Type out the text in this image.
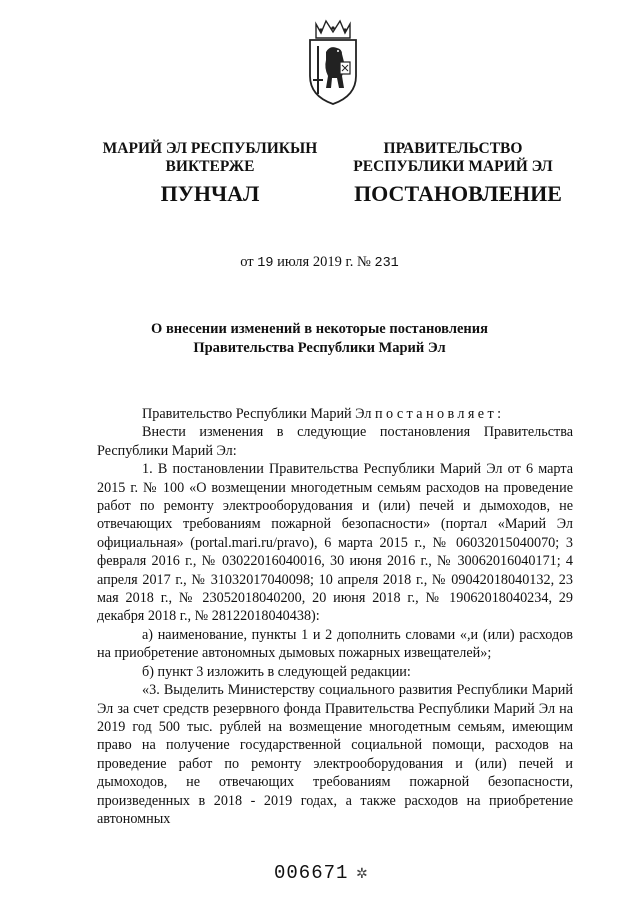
МАРИЙ ЭЛ РЕСПУБЛИКЫН
ВИКТЕРЖЕ
ПУНЧАЛ
ПРАВИТЕЛЬСТВО
РЕСПУБЛИКИ МАРИЙ ЭЛ
ПОСТАНОВЛЕНИЕ
от 19 июля 2019 г. № 231
О внесении изменений в некоторые постановления
Правительства Республики Марий Эл

Правительство Республики Марий Эл постановляет:

Внести изменения в следующие постановления Правительства Республики Марий Эл:

1. В постановлении Правительства Республики Марий Эл от 6 марта 2015 г. № 100 «О возмещении многодетным семьям расходов на проведение работ по ремонту электрооборудования и (или) печей и дымоходов, не отвечающих требованиям пожарной безопасности» (портал «Марий Эл официальная» (portal.mari.ru/pravo), 6 марта 2015 г., № 06032015040070; 3 февраля 2016 г., № 03022016040016, 30 июня 2016 г., № 30062016040171; 4 апреля 2017 г., № 31032017040098; 10 апреля 2018 г., № 09042018040132, 23 мая 2018 г., № 23052018040200, 20 июня 2018 г., № 19062018040234, 29 декабря 2018 г., № 28122018040438):

а) наименование, пункты 1 и 2 дополнить словами «,и (или) расходов на приобретение автономных дымовых пожарных извещателей»;

б) пункт 3 изложить в следующей редакции:

«3. Выделить Министерству социального развития Республики Марий Эл за счет средств резервного фонда Правительства Республики Марий Эл на 2019 год 500 тыс. рублей на возмещение многодетным семьям, имеющим право на получение государственной социальной помощи, расходов на проведение работ по ремонту электрооборудования и (или) печей и дымоходов, не отвечающих требованиям пожарной безопасности, произведенных в 2018 - 2019 годах, а также расходов на приобретение автономных

006671 ✲
